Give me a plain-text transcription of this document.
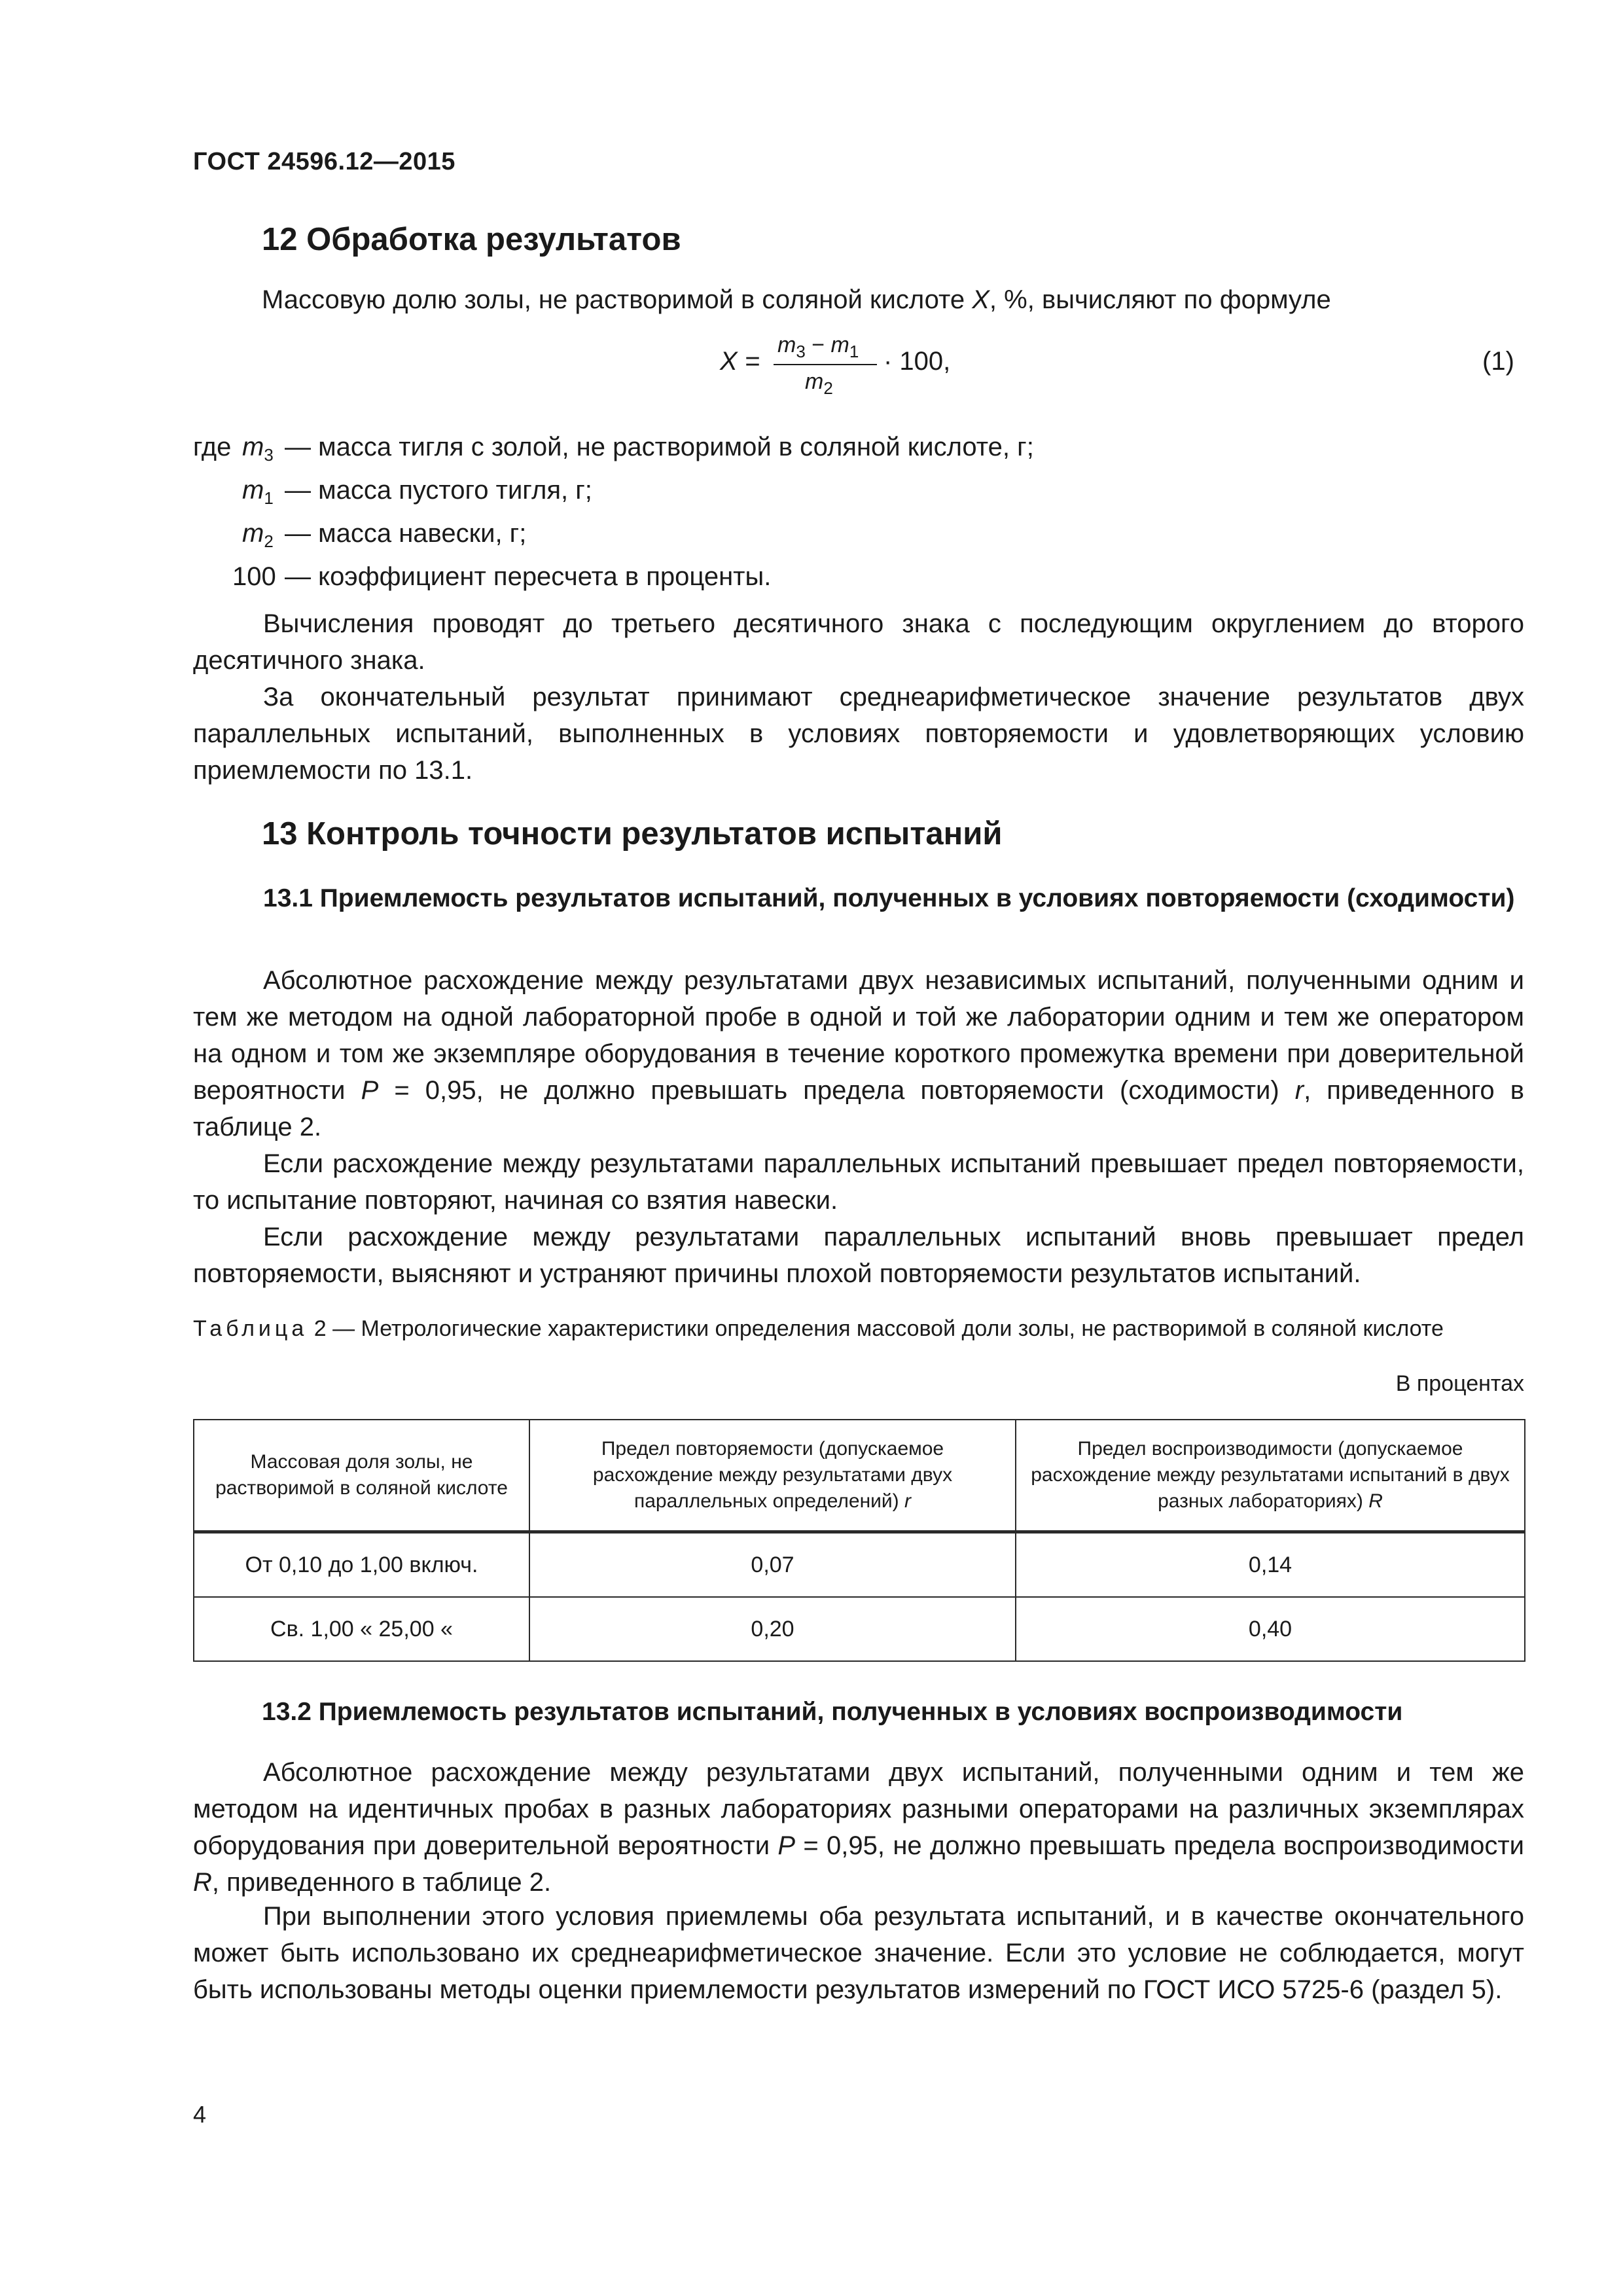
ГОСТ 24596.12—2015
12 Обработка результатов
Массовую долю золы, не растворимой в соляной кислоте X, %, вычисляют по формуле
X =
$m_3 - m_1$
$m_2$
· 100,	(1)
где $m_3$ — масса тигля с золой, не растворимой в соляной кислоте, г;
$m_1$ — масса пустого тигля, г;
$m_2$ — масса навески, г;
100 — коэффициент пересчета в проценты.
Вычисления проводят до третьего десятичного знака с последующим округлением до второго десятичного знака.
За окончательный результат принимают среднеарифметическое значение результатов двух параллельных испытаний, выполненных в условиях повторяемости и удовлетворяющих условию приемлемости по 13.1.
13 Контроль точности результатов испытаний
13.1 Приемлемость результатов испытаний, полученных в условиях повторяемости (сходимости)
Абсолютное расхождение между результатами двух независимых испытаний, полученными одним и тем же методом на одной лабораторной пробе в одной и той же лаборатории одним и тем же оператором на одном и том же экземпляре оборудования в течение короткого промежутка времени при доверительной вероятности P = 0,95, не должно превышать предела повторяемости (сходимости) r, приведенного в таблице 2.
Если расхождение между результатами параллельных испытаний превышает предел повторяемости, то испытание повторяют, начиная со взятия навески.
Если расхождение между результатами параллельных испытаний вновь превышает предел повторяемости, выясняют и устраняют причины плохой повторяемости результатов испытаний.
Таблица 2 — Метрологические характеристики определения массовой доли золы, не растворимой в соляной кислоте
В процентах
Массовая доля золы, не растворимой в соляной кислоте	Предел повторяемости (допускаемое расхождение между результатами двух параллельных определений) r	Предел воспроизводимости (допускаемое расхождение между результатами испытаний в двух разных лабораториях) R
От 0,10 до 1,00 включ.	0,07	0,14
Св. 1,00 « 25,00 «	0,20	0,40
13.2 Приемлемость результатов испытаний, полученных в условиях воспроизводимости
Абсолютное расхождение между результатами двух испытаний, полученными одним и тем же методом на идентичных пробах в разных лабораториях разными операторами на различных экземплярах оборудования при доверительной вероятности P = 0,95, не должно превышать предела воспроизводимости R, приведенного в таблице 2.
При выполнении этого условия приемлемы оба результата испытаний, и в качестве окончательного может быть использовано их среднеарифметическое значение. Если это условие не соблюдается, могут быть использованы методы оценки приемлемости результатов измерений по ГОСТ ИСО 5725-6 (раздел 5).
4
